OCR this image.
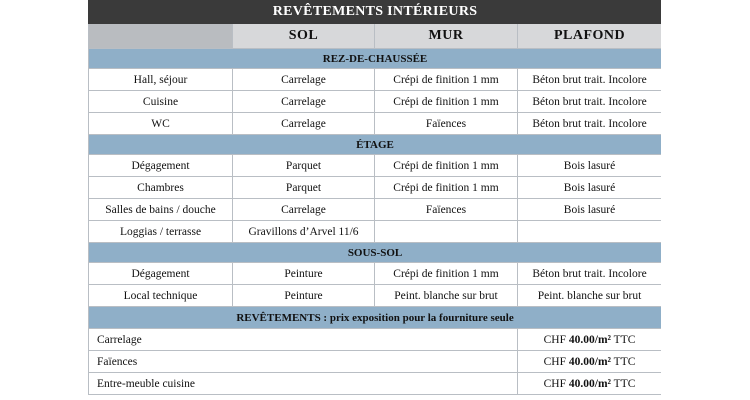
REVÊTEMENTS INTÉRIEURS			
	SOL	MUR	PLAFOND
REZ-DE-CHAUSSÉE			
Hall, séjour	Carrelage	Crépi de finition 1 mm	Béton brut trait. Incolore
Cuisine	Carrelage	Crépi de finition 1 mm	Béton brut trait. Incolore
WC	Carrelage	Faïences	Béton brut trait. Incolore
ÉTAGE			
Dégagement	Parquet	Crépi de finition 1 mm	Bois lasuré
Chambres	Parquet	Crépi de finition 1 mm	Bois lasuré
Salles de bains / douche	Carrelage	Faïences	Bois lasuré
Loggias / terrasse	Gravillons d’Arvel 11/6		
SOUS-SOL			
Dégagement	Peinture	Crépi de finition 1 mm	Béton brut trait. Incolore
Local technique	Peinture	Peint. blanche sur brut	Peint. blanche sur brut
REVÊTEMENTS : prix exposition pour la fourniture seule			
Carrelage			CHF 40.00/m² TTC
Faïences			CHF 40.00/m² TTC
Entre-meuble cuisine			CHF 40.00/m² TTC
